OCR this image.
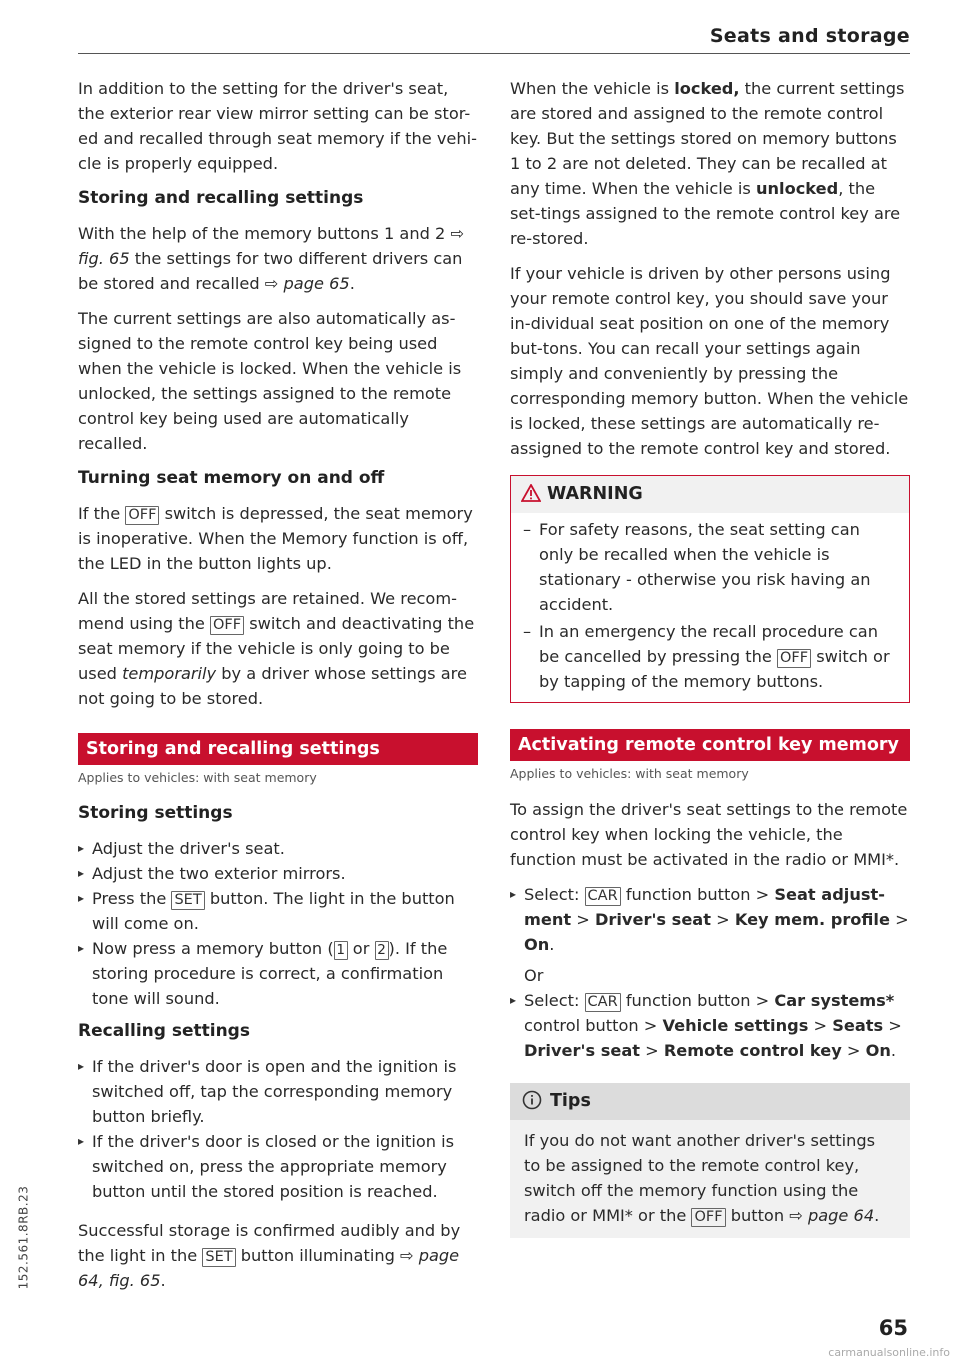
Seats and storage

In addition to the setting for the driver's seat, the exterior rear view mirror setting can be stor-ed and recalled through seat memory if the vehi-cle is properly equipped.

Storing and recalling settings

With the help of the memory buttons 1 and 2 ⇨ fig. 65 the settings for two different drivers can be stored and recalled ⇨ page 65.

The current settings are also automatically as-signed to the remote control key being used when the vehicle is locked. When the vehicle is unlocked, the settings assigned to the remote control key being used are automatically recalled.

Turning seat memory on and off

If the OFF switch is depressed, the seat memory is inoperative. When the Memory function is off, the LED in the button lights up.

All the stored settings are retained. We recom-mend using the OFF switch and deactivating the seat memory if the vehicle is only going to be used temporarily by a driver whose settings are not going to be stored.

Storing and recalling settings
Applies to vehicles: with seat memory
Storing settings
▸ Adjust the driver's seat.
▸ Adjust the two exterior mirrors.
▸ Press the SET button. The light in the button will come on.
▸ Now press a memory button ( 1 or 2 ). If the storing procedure is correct, a confirmation tone will sound.
Recalling settings
▸ If the driver's door is open and the ignition is switched off, tap the corresponding memory button briefly.
▸ If the driver's door is closed or the ignition is switched on, press the appropriate memory button until the stored position is reached.

Successful storage is confirmed audibly and by the light in the SET button illuminating ⇨ page 64, fig. 65.

When the vehicle is locked, the current settings are stored and assigned to the remote control key. But the settings stored on memory buttons 1 to 2 are not deleted. They can be recalled at any time. When the vehicle is unlocked, the set-tings assigned to the remote control key are re-stored.

If your vehicle is driven by other persons using your remote control key, you should save your in-dividual seat position on one of the memory but-tons. You can recall your settings again simply and conveniently by pressing the corresponding memory button. When the vehicle is locked, these settings are automatically re-assigned to the remote control key and stored.

WARNING
– For safety reasons, the seat setting can only be recalled when the vehicle is stationary - otherwise you risk having an accident.
– In an emergency the recall procedure can be cancelled by pressing the OFF switch or by tapping of the memory buttons.
Activating remote control key memory
Applies to vehicles: with seat memory

To assign the driver's seat settings to the remote control key when locking the vehicle, the function must be activated in the radio or MMI*.

▸ Select: CAR function button > Seat adjust-ment > Driver's seat > Key mem. profile > On.
Or
▸ Select: CAR function button > Car systems* control button > Vehicle settings > Seats > Driver's seat > Remote control key > On.
Tips
If you do not want another driver's settings to be assigned to the remote control key, switch off the memory function using the radio or MMI* or the OFF button ⇨ page 64.
152.561.8RB.23
65
carmanualsonline.info
